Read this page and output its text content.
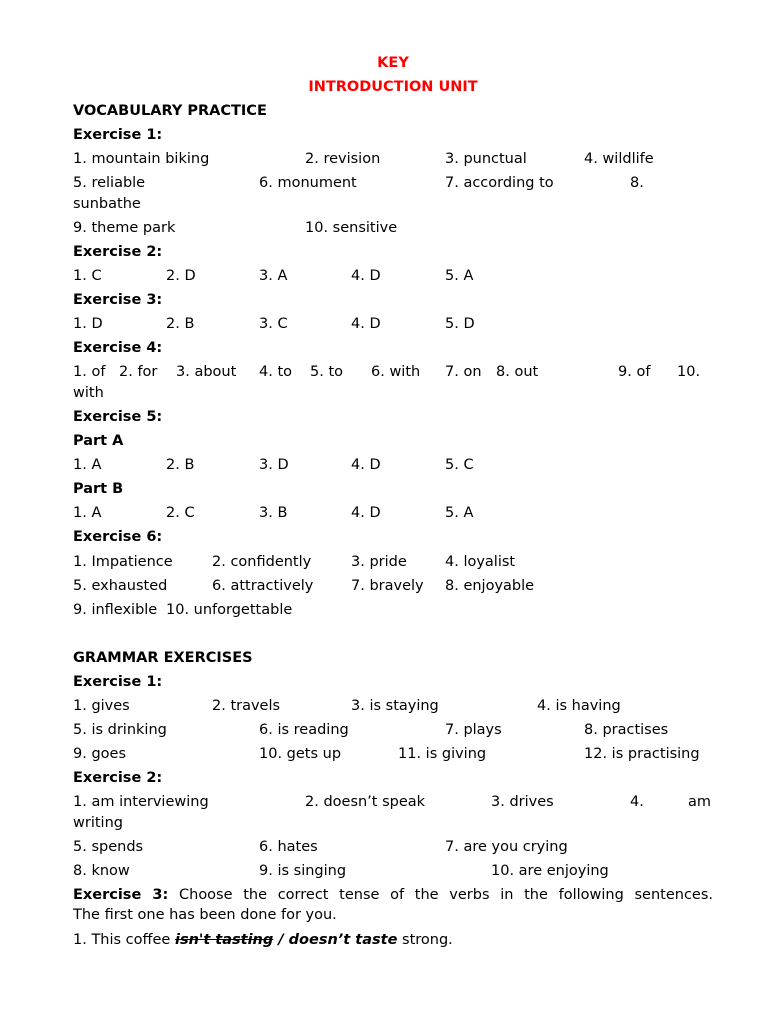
KEY
INTRODUCTION UNIT
VOCABULARY PRACTICE
Exercise 1:
1. mountain biking	2. revision	3. punctual	4. wildlife
5. reliable	6. monument	7. according to	8.
sunbathe
9. theme park	10. sensitive
Exercise 2:
1. C	2. D	3. A	4. D	5. A
Exercise 3:
1. D	2. B	3. C	4. D	5. D
Exercise 4:
1. of 2. for 3. about 4. to 5. to 6. with 7. on 8. out	9. of 10.
with
Exercise 5:
Part A
1. A	2. B	3. D	4. D	5. C
Part B
1. A	2. C	3. B	4. D	5. A
Exercise 6:
1. Impatience	2. confidently	3. pride	4. loyalist
5. exhausted	6. attractively	7. bravely 8. enjoyable
9. inflexible 10. unforgettable
GRAMMAR EXERCISES
Exercise 1:
1. gives	2. travels	3. is staying	4. is having
5. is drinking	6. is reading	7. plays	8. practises
9. goes	10. gets up	11. is giving	12. is practising
Exercise 2:
1. am interviewing	2. doesn’t speak	3. drives	4.	am
writing
5. spends	6. hates	7. are you crying
8. know	9. is singing	10. are enjoying
Exercise 3: Choose the correct tense of the verbs in the following sentences.
The first one has been done for you.
1. This coffee isn't tasting / doesn’t taste strong.
